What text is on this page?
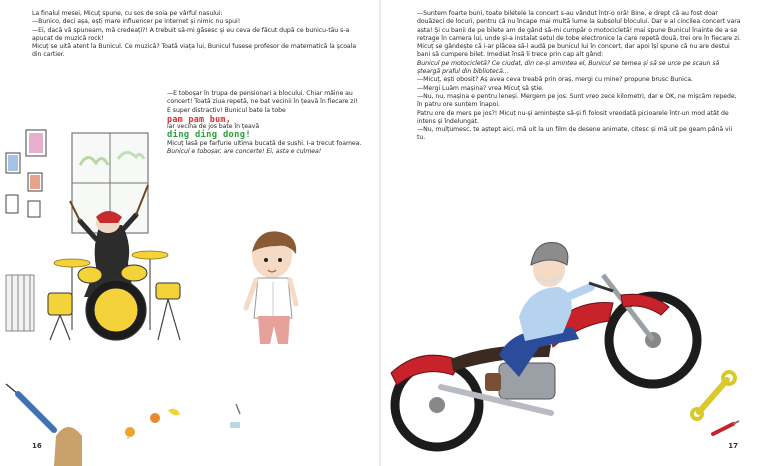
La finalul mesei, Micuț spune, cu sos de soia pe vârful nasului:

—Bunico, deci așa, ești mare influencer pe internet și nimic nu spui!

—Ei, dacă vă spuneam, mă credeați?! A trebuit să-mi găsesc și eu ceva de făcut după ce bunicu-tău s-a apucat de muzică rock!

Micuț se uită atent la Bunicul. Ce muzică? Toată viața lui, Bunicul fusese profesor de matematică la școala din cartier.

—E toboșar în trupa de pensionari a blocului. Chiar mâine au concert! Toată ziua repetă, ne bat vecinii în țeavă în fiecare zi! E super distractiv! Bunicul bate la tobe

pam pam bum,

iar vecina de jos bate în țeavă

ding ding dong!

Micuț lasă pe farfurie ultima bucată de sushi. I-a trecut foamea.

Bunicul e toboșar, are concerte! Ei, asta e culmea!

16

—Suntem foarte buni, toate biletele la concert s-au vândut într-o oră! Bine, e drept că au fost doar douăzeci de locuri, pentru că nu încape mai multă lume la subsolul blocului. Dar e al cincilea concert vara asta! Și cu banii de pe bilete am de gând să-mi cumpăr o motocicletă! mai spune Bunicul înainte de a se retrage în camera lui, unde și-a instalat setul de tobe electronice la care repetă două, trei ore în fiecare zi.

Micuț se gândește că i-ar plăcea să-l audă pe bunicul lui în concert, dar apoi își spune că nu are destui bani să cumpere bilet. Imediat însă îi trece prin cap alt gând:

Bunicul pe motocicletă? Ce ciudat, din ce-și amintea el, Bunicul se temea și să se urce pe scaun să șteargă praful din bibliotecă...

—Micuț, ești obosit? Aș avea ceva treabă prin oraș, mergi cu mine? propune brusc Bunica.

—Mergi Luăm mașina? vrea Micuț să știe.

—Nu, nu, mașina e pentru leneși. Mergem pe jos. Sunt vreo zece kilometri, dar e OK, ne mișcăm repede, în patru ore suntem înapoi.

Patru ore de mers pe jos?! Micuț nu-și amintește să-și fi folosit vreodată picioarele într-un mod atât de intens și îndelungat.

—Nu, mulțumesc, te aștept aici, mă uit la un film de desene animate, citesc și mă uit pe geam până vii tu.

17
